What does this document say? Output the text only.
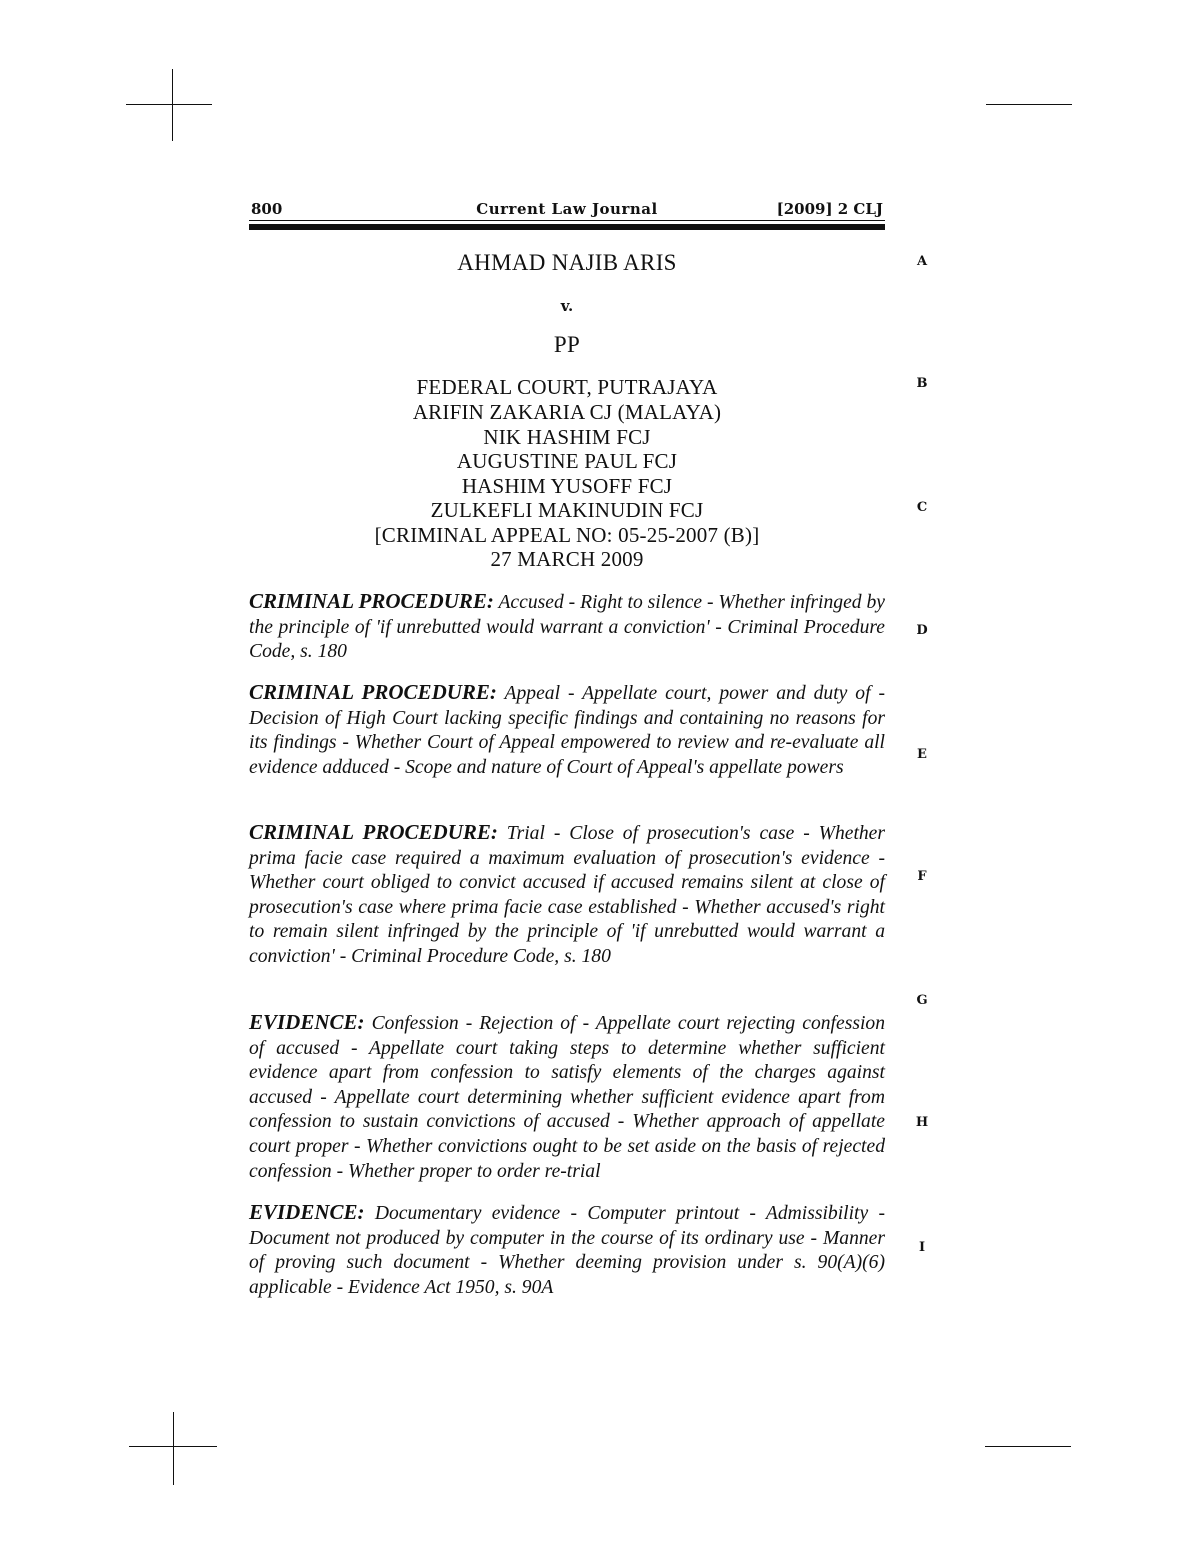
800	Current Law Journal	[2009] 2 CLJ
AHMAD NAJIB ARIS
v.
PP
FEDERAL COURT, PUTRAJAYA
ARIFIN ZAKARIA CJ (MALAYA)
NIK HASHIM FCJ
AUGUSTINE PAUL FCJ
HASHIM YUSOFF FCJ
ZULKEFLI MAKINUDIN FCJ
[CRIMINAL APPEAL NO: 05-25-2007 (B)]
27 MARCH 2009
CRIMINAL PROCEDURE: Accused - Right to silence - Whether infringed by the principle of 'if unrebutted would warrant a conviction' - Criminal Procedure Code, s. 180
CRIMINAL PROCEDURE: Appeal - Appellate court, power and duty of - Decision of High Court lacking specific findings and containing no reasons for its findings - Whether Court of Appeal empowered to review and re-evaluate all evidence adduced - Scope and nature of Court of Appeal's appellate powers
CRIMINAL PROCEDURE: Trial - Close of prosecution's case - Whether prima facie case required a maximum evaluation of prosecution's evidence - Whether court obliged to convict accused if accused remains silent at close of prosecution's case where prima facie case established - Whether accused's right to remain silent infringed by the principle of 'if unrebutted would warrant a conviction' - Criminal Procedure Code, s. 180
EVIDENCE: Confession - Rejection of - Appellate court rejecting confession of accused - Appellate court taking steps to determine whether sufficient evidence apart from confession to satisfy elements of the charges against accused - Appellate court determining whether sufficient evidence apart from confession to sustain convictions of accused - Whether approach of appellate court proper - Whether convictions ought to be set aside on the basis of rejected confession - Whether proper to order re-trial
EVIDENCE: Documentary evidence - Computer printout - Admissibility - Document not produced by computer in the course of its ordinary use - Manner of proving such document - Whether deeming provision under s. 90(A)(6) applicable - Evidence Act 1950, s. 90A
A
B
C
D
E
F
G
H
I
